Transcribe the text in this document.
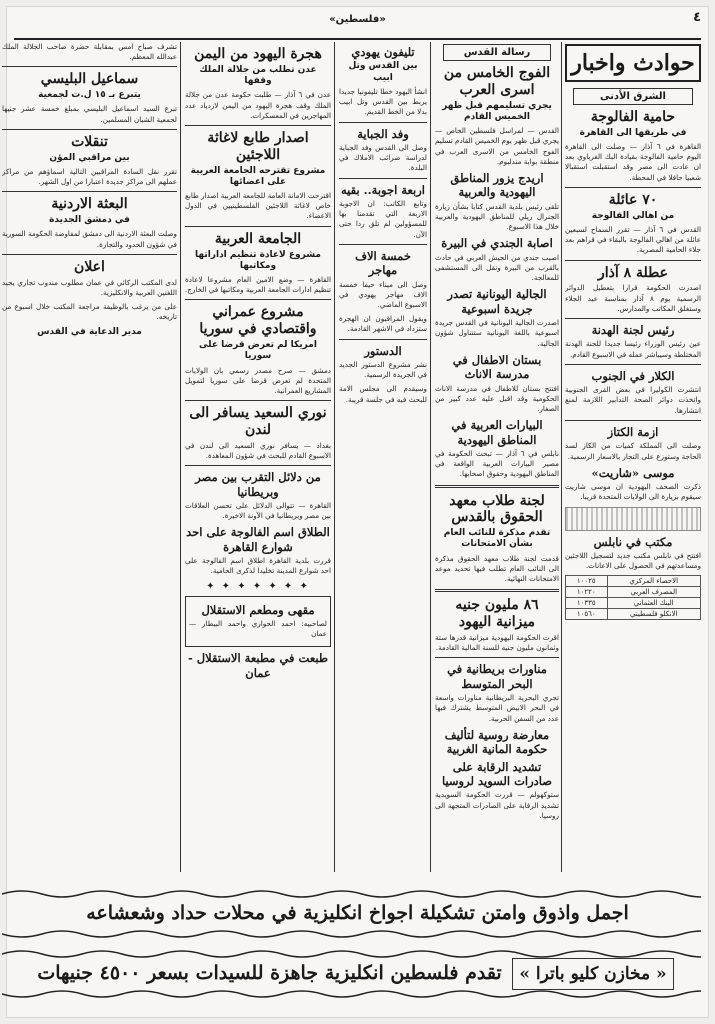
«فلسطين»	٤
حوادث واخبار
الشرق الأدنى
حامية الفالوجة
في طريقها الى القاهرة

القاهرة في ٦ آذار — وصلت الى القاهرة اليوم حامية الفالوجة بقيادة البك الغرباوي بعد ان عادت الى مصر وقد استقبلت استقبالا شعبيا حافلا في المحطة.

٧٠ عائلة
من اهالي الفالوجة

القدس في ٦ آذار — تقرر السماح لسبعين عائلة من اهالي الفالوجة بالبقاء في قراهم بعد جلاء الحامية المصرية.

عطلة ٨ آذار

اصدرت الحكومة قرارا بتعطيل الدوائر الرسمية يوم ٨ آذار بمناسبة عيد الجلاء وستغلق المكاتب والمدارس.

رئيس لجنة الهدنة

عين رئيس الوزراء رئيسا جديدا للجنة الهدنة المختلطة وسيباشر عمله في الاسبوع القادم.

الكلار في الجنوب

انتشرت الكوليرا في بعض القرى الجنوبية واتخذت دوائر الصحة التدابير اللازمة لمنع انتشارها.

ازمة الكتاز

وصلت الى المملكة كميات من الكاز لسد الحاجة وستوزع على التجار بالاسعار الرسمية.

موسى «شاريت»

ذكرت الصحف اليهودية ان موسى شاريت سيقوم بزيارة الى الولايات المتحدة قريبا.

مكتب في نابلس

افتتح في نابلس مكتب جديد لتسجيل اللاجئين ومساعدتهم في الحصول على الاعانات.

الاحصاء المركزي	١٠٠٢٥
المصرف العربي	١٠٢٢٠
البنك العثماني	١٠٣٣٥
الانكلو فلسطيني	١٠٥٦٠
رسالة القدس
الفوج الخامس من اسرى العرب
يجري تسليمهم قبل ظهر الخميس القادم

القدس — لمراسل فلسطين الخاص — يجري قبل ظهر يوم الخميس القادم تسليم الفوج الخامس من الاسرى العرب في منطقة بوابة مندلبوم.

اريدج يزور المناطق اليهودية والعربية

تلقى رئيس بلدية القدس كتابا بشأن زيارة الجنرال ريلي للمناطق اليهودية والعربية خلال هذا الاسبوع.

اصابة الجندي في البيرة

اصيب جندي من الجيش العربي في حادث بالقرب من البيرة ونقل الى المستشفى للمعالجة.

الجالية اليونانية تصدر جريدة اسبوعية

اصدرت الجالية اليونانية في القدس جريدة اسبوعية باللغة اليونانية ستتناول شؤون الجالية.

بستان الاطفال في مدرسة الاناث

افتتح بستان للاطفال في مدرسة الاناث الحكومية وقد اقبل عليه عدد كبير من الصغار.

البيارات العربية في المناطق اليهودية

نابلس في ٦ آذار — تبحث الحكومة في مصير البيارات العربية الواقعة في المناطق اليهودية وحقوق اصحابها.

لجنة طلاب معهد الحقوق بالقدس
تقدم مذكرة للنائب العام بشأن الامتحانات

قدمت لجنة طلاب معهد الحقوق مذكرة الى النائب العام تطلب فيها تحديد موعد الامتحانات النهائية.

٨٦ مليون جنيه ميزانية اليهود

اقرت الحكومة اليهودية ميزانية قدرها ستة وثمانون مليون جنيه للسنة المالية القادمة.

مناورات بريطانية في البحر المتوسط

تجري البحرية البريطانية مناورات واسعة في البحر الابيض المتوسط يشترك فيها عدد من السفن الحربية.

معارضة روسية لتأليف حكومة المانية الغربية
تشديد الرقابة على صادرات السويد لروسيا

ستوكهولم — قررت الحكومة السويدية تشديد الرقابة على الصادرات المتجهة الى روسيا.

تليفون يهودي
بين القدس وتل ابيب

انشأ اليهود خطا تليفونيا جديدا يربط بين القدس وتل ابيب بدلا من الخط القديم.

وفد الجباية

وصل الى القدس وفد الجباية لدراسة ضرائب الاملاك في البلدة.

اربعة اجوبة.. بقيه

وتابع الكاتب: ان الاجوبة الاربعة التي تقدمنا بها للمسؤولين لم تلق ردا حتى الآن.

خمسة الاف مهاجر

وصل الى ميناء حيفا خمسة الاف مهاجر يهودي في الاسبوع الماضي.

ويقول المراقبون ان الهجرة ستزداد في الاشهر القادمة.

الدستور

نشر مشروع الدستور الجديد في الجريدة الرسمية.

وسيقدم الى مجلس الامة للبحث فيه في جلسة قريبة.

هجرة اليهود من اليمن
عدن تطلب من جلالة الملك وقفها

عدن في ٦ آذار — طلبت حكومة عدن من جلالة الملك وقف هجرة اليهود من اليمن لازدياد عدد المهاجرين في المعسكرات.

اصدار طابع لاغاثة اللاجئين
مشروع تقترحه الجامعة العربية على اعضائها

اقترحت الامانة العامة للجامعة العربية اصدار طابع خاص لاغاثة اللاجئين الفلسطينيين في الدول الاعضاء.

الجامعة العربية
مشروع لاعادة تنظيم اداراتها ومكاتبها

القاهرة — وضع الامين العام مشروعا لاعادة تنظيم ادارات الجامعة العربية ومكاتبها في الخارج.

مشروع عمراني واقتصادي في سوريا
امريكا لم تعرض قرضا على سوريا

دمشق — صرح مصدر رسمي بان الولايات المتحدة لم تعرض قرضا على سوريا لتمويل المشاريع العمرانية.

نوري السعيد يسافر الى لندن

بغداد — يسافر نوري السعيد الى لندن في الاسبوع القادم للبحث في شؤون المعاهدة.

من دلائل التقرب بين مصر وبريطانيا

القاهرة — تتوالى الدلائل على تحسن العلاقات بين مصر وبريطانيا في الآونة الاخيرة.

الطلاق اسم الفالوجة على احد شوارع القاهرة

قررت بلدية القاهرة اطلاق اسم الفالوجة على احد شوارع المدينة تخليدا لذكرى الحامية.

✦ ✦ ✦ ✦ ✦ ✦ ✦
مقهى ومطعم الاستقلال

لصاحبيه: احمد الحواري واحمد البيطار — عمان

طبعت في مطبعة الاستقلال - عمان

تشرف صباح امس بمقابلة حضرة صاحب الجلالة الملك عبدالله المعظم.

سماعيل البليسي
يتبرع بـ ١٥ ل.ت لجمعية

تبرع السيد اسماعيل البليسي بمبلغ خمسة عشر جنيها لجمعية الشبان المسلمين.

تنقلات
بين مراقبي المؤن

تقرر نقل السادة المراقبين التالية اسماؤهم من مراكز عملهم الى مراكز جديدة اعتبارا من اول الشهر.

البعثة الاردنية
في دمشق الجديدة

وصلت البعثة الاردنية الى دمشق لمفاوضة الحكومة السورية في شؤون الحدود والتجارة.

اعلان

لدى المكتب الركائي في عمان مطلوب مندوب تجاري يجيد اللغتين العربية والانكليزية.

على من يرغب بالوظيفة مراجعة المكتب خلال اسبوع من تاريخه.

مدير الدعاية في القدس
اجمل واذوق وامتن تشكيلة اجواخ انكليزية في محلات حداد وشعشاعه
« مخازن كليو باترا » تقدم فلسطين انكليزية جاهزة للسيدات بسعر ٤٥٠٠ جنيهات
